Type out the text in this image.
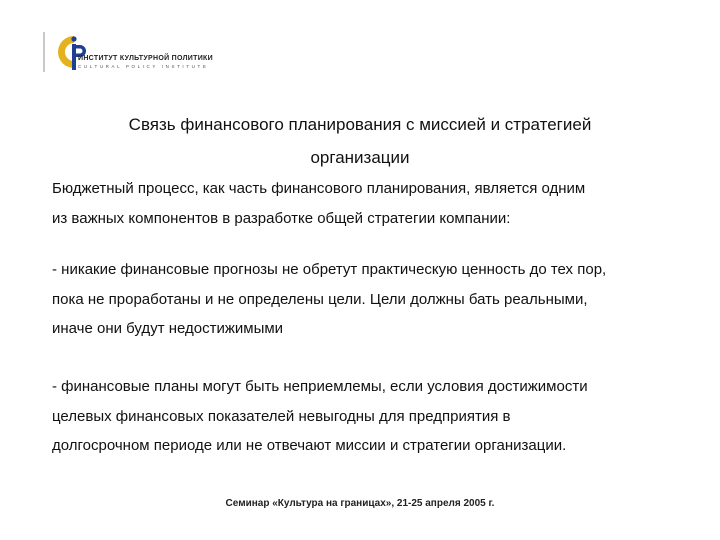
ИНСТИТУТ КУЛЬТУРНОЙ ПОЛИТИКИ
CULTURAL POLICY INSTITUTE
Связь финансового планирования с миссией и стратегией
организации
Бюджетный процесс, как часть финансового планирования, является одним
из важных компонентов в разработке общей стратегии компании:
- никакие финансовые прогнозы не обретут практическую ценность до тех пор,
пока не проработаны и не определены цели. Цели должны бать реальными,
иначе они будут недостижимыми
- финансовые планы могут быть неприемлемы, если условия достижимости
целевых финансовых показателей невыгодны для предприятия в
долгосрочном периоде или не отвечают миссии и стратегии организации.
Семинар «Культура на границах», 21-25 апреля 2005 г.
